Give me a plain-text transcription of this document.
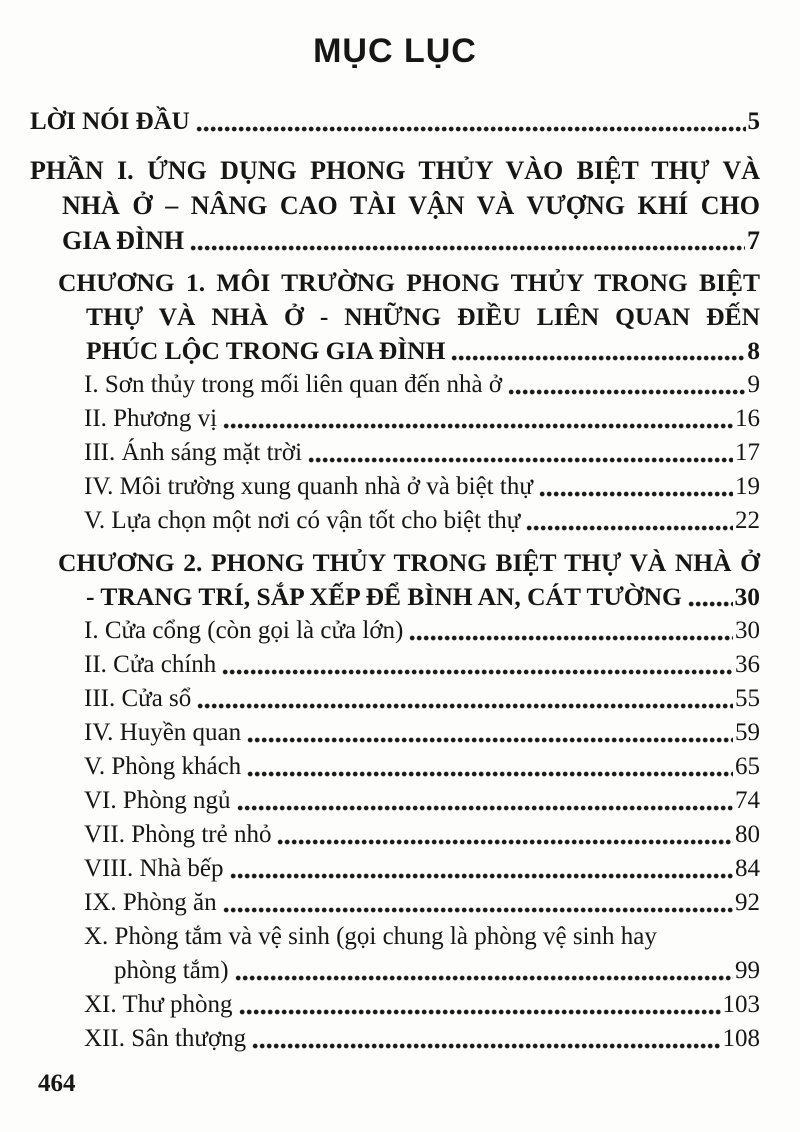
MỤC LỤC
LỜI NÓI ĐẦU	5
PHẦN I. ỨNG DỤNG PHONG THỦY VÀO BIỆT THỰ VÀ
NHÀ Ở – NÂNG CAO TÀI VẬN VÀ VƯỢNG KHÍ CHO
GIA ĐÌNH	7
CHƯƠNG 1. MÔI TRƯỜNG PHONG THỦY TRONG BIỆT
THỰ VÀ NHÀ Ở - NHỮNG ĐIỀU LIÊN QUAN ĐẾN
PHÚC LỘC TRONG GIA ĐÌNH	8
I. Sơn thủy trong mối liên quan đến nhà ở	9
II. Phương vị	16
III. Ánh sáng mặt trời	17
IV. Môi trường xung quanh nhà ở và biệt thự	19
V. Lựa chọn một nơi có vận tốt cho biệt thự	22
CHƯƠNG 2. PHONG THỦY TRONG BIỆT THỰ VÀ NHÀ Ở
- TRANG TRÍ, SẮP XẾP ĐỂ BÌNH AN, CÁT TƯỜNG 30
I. Cửa cổng (còn gọi là cửa lớn)	30
II. Cửa chính	36
III. Cửa sổ	55
IV. Huyền quan	59
V. Phòng khách	65
VI. Phòng ngủ	74
VII. Phòng trẻ nhỏ	80
VIII. Nhà bếp	84
IX. Phòng ăn	92
X. Phòng tắm và vệ sinh (gọi chung là phòng vệ sinh hay
phòng tắm)	99
XI. Thư phòng	103
XII. Sân thượng	108
464
